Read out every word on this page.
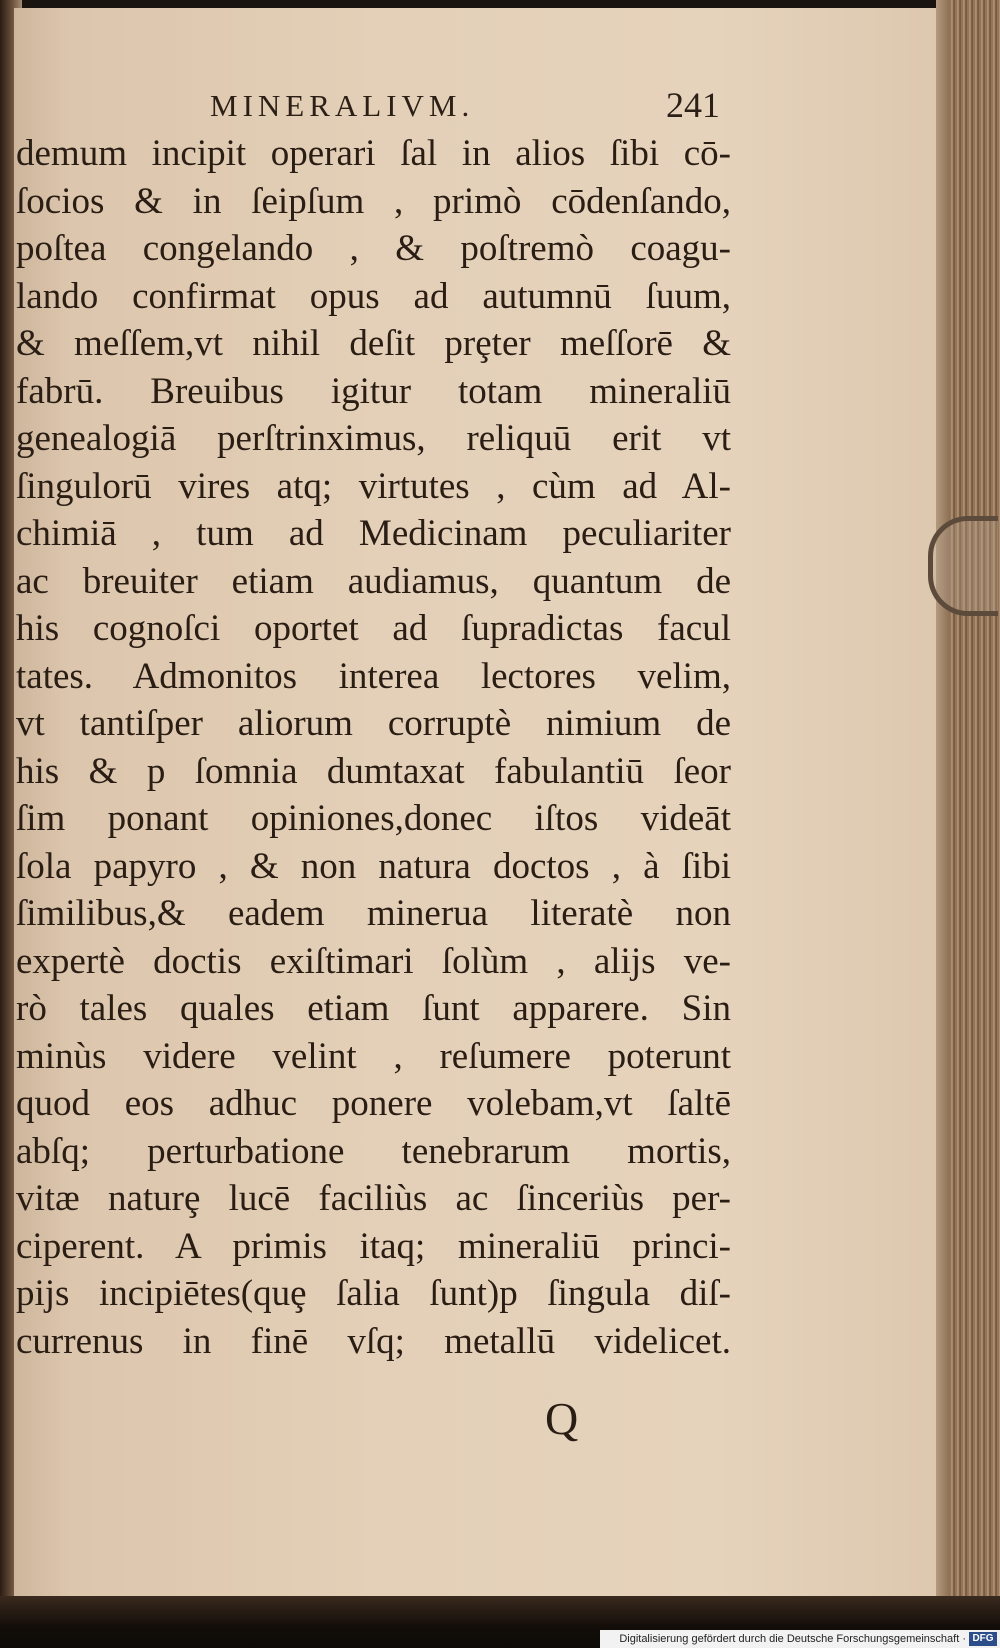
MINERALIVM.	241
demum incipit operari ſal in alios ſibi cō-
ſocios & in ſeipſum , primò cōdenſando,
poſtea congelando , & poſtremò coagu-
lando confirmat opus ad autumnū ſuum,
& meſſem,vt nihil deſit prȩter meſſorē &
fabrū. Breuibus igitur totam mineraliū
genealogiā perſtrinximus, reliquū erit vt
ſingulorū vires atq; virtutes , cùm ad Al-
chimiā , tum ad Medicinam peculiariter
ac breuiter etiam audiamus, quantum de
his cognoſci oportet ad ſupradictas facul
tates. Admonitos interea lectores velim,
vt tantiſper aliorum corruptè nimium de
his & p ſomnia dumtaxat fabulantiū ſeor
ſim ponant opiniones,donec iſtos videāt
ſola papyro , & non natura doctos , à ſibi
ſimilibus,& eadem minerua literatè non
expertè doctis exiſtimari ſolùm , alijs ve-
rò tales quales etiam ſunt apparere. Sin
minùs videre velint , reſumere poterunt
quod eos adhuc ponere volebam,vt ſaltē
abſq; perturbatione tenebrarum mortis,
vitæ naturȩ lucē faciliùs ac ſinceriùs per-
ciperent. A primis itaq; mineraliū princi-
pijs incipiētes(quȩ ſalia ſunt)p ſingula diſ-
currenus in finē vſq; metallū videlicet.
Q
Digitalisierung gefördert durch die Deutsche Forschungsgemeinschaft · DFG
